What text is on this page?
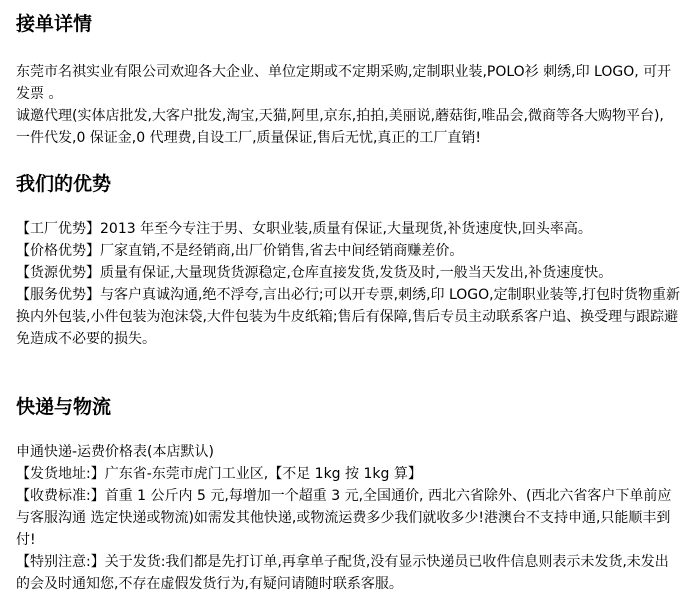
接单详情

东莞市名祺实业有限公司欢迎各大企业、单位定期或不定期采购,定制职业装,POLO衫 刺绣,印 LOGO, 可开发票 。

诚邀代理(实体店批发,大客户批发,淘宝,天猫,阿里,京东,拍拍,美丽说,蘑菇街,唯品会,微商等各大购物平台), 一件代发,0 保证金,0 代理费,自设工厂,质量保证,售后无忧,真正的工厂直销!

我们的优势

【工厂优势】2013 年至今专注于男、女职业装,质量有保证,大量现货,补货速度快,回头率高。

【价格优势】厂家直销,不是经销商,出厂价销售,省去中间经销商赚差价。

【货源优势】质量有保证,大量现货货源稳定,仓库直接发货,发货及时,一般当天发出,补货速度快。

【服务优势】与客户真诚沟通,绝不浮夸,言出必行;可以开专票,刺绣,印 LOGO,定制职业装等,打包时货物重新换内外包装,小件包装为泡沫袋,大件包装为牛皮纸箱;售后有保障,售后专员主动联系客户追、换受理与跟踪避免造成不必要的损失。

快递与物流

申通快递-运费价格表(本店默认)

【发货地址:】广东省-东莞市虎门工业区,【不足 1kg 按 1kg 算】

【收费标准:】首重 1 公斤内 5 元,每增加一个超重 3 元,全国通价, 西北六省除外、(西北六省客户下单前应与客服沟通 选定快递或物流)如需发其他快递,或物流运费多少我们就收多少!港澳台不支持申通,只能顺丰到付!

【特别注意:】关于发货:我们都是先打订单,再拿单子配货,没有显示快递员已收件信息则表示未发货,未发出的会及时通知您,不存在虚假发货行为,有疑问请随时联系客服。
